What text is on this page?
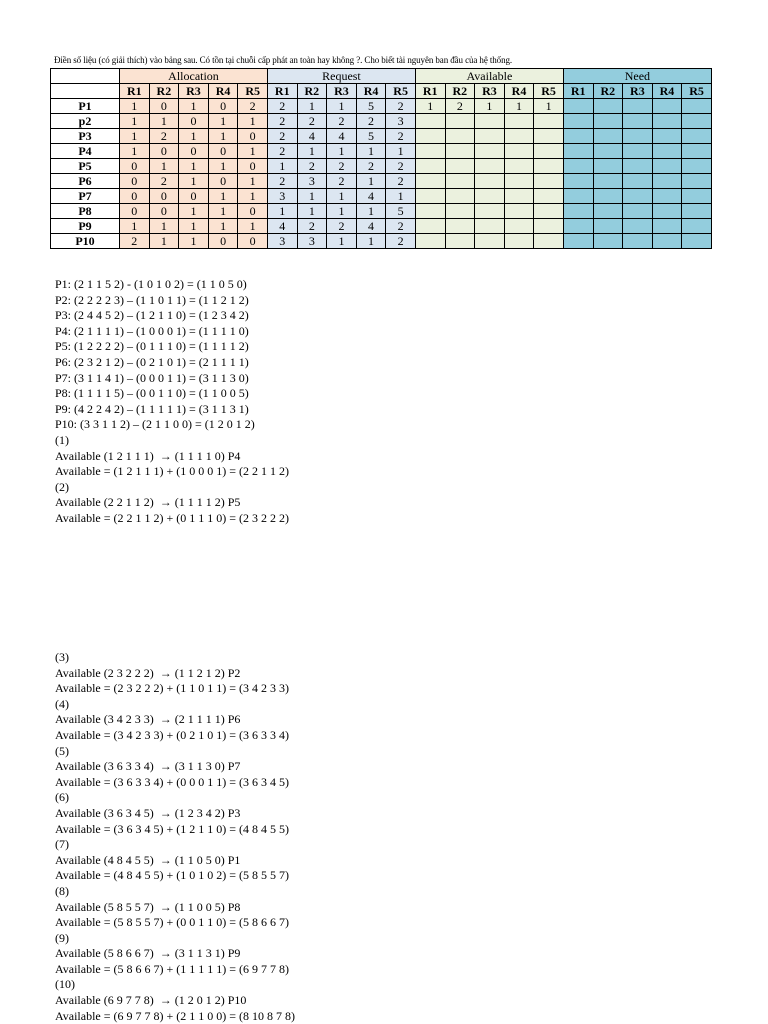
Điền số liệu (có giải thích) vào bảng sau. Có tồn tại chuỗi cấp phát an toàn hay không ?. Cho biết tài nguyên ban đầu của hệ thống.
	Allocation					Request					Available					Need				
	R1	R2	R3	R4	R5	R1	R2	R3	R4	R5	R1	R2	R3	R4	R5	R1	R2	R3	R4	R5
P1	1	0	1	0	2	2	1	1	5	2	1	2	1	1	1					
p2	1	1	0	1	1	2	2	2	2	3										
P3	1	2	1	1	0	2	4	4	5	2										
P4	1	0	0	0	1	2	1	1	1	1										
P5	0	1	1	1	0	1	2	2	2	2										
P6	0	2	1	0	1	2	3	2	1	2										
P7	0	0	0	1	1	3	1	1	4	1										
P8	0	0	1	1	0	1	1	1	1	5										
P9	1	1	1	1	1	4	2	2	4	2										
P10	2	1	1	0	0	3	3	1	1	2										
P1: (2 1 1 5 2) - (1 0 1 0 2) = (1 1 0 5 0)
P2: (2 2 2 2 3) – (1 1 0 1 1) = (1 1 2 1 2)
P3: (2 4 4 5 2) – (1 2 1 1 0) = (1 2 3 4 2)
P4: (2 1 1 1 1) – (1 0 0 0 1) = (1 1 1 1 0)
P5: (1 2 2 2 2) – (0 1 1 1 0) = (1 1 1 1 2)
P6: (2 3 2 1 2) – (0 2 1 0 1) = (2 1 1 1 1)
P7: (3 1 1 4 1) – (0 0 0 1 1) = (3 1 1 3 0)
P8: (1 1 1 1 5) – (0 0 1 1 0) = (1 1 0 0 5)
P9: (4 2 2 4 2) – (1 1 1 1 1) = (3 1 1 3 1)
P10: (3 3 1 1 2) – (2 1 1 0 0) = (1 2 0 1 2)
(1)
Available (1 2 1 1 1)  → (1 1 1 1 0) P4
Available = (1 2 1 1 1) + (1 0 0 0 1) = (2 2 1 1 2)
(2)
Available (2 2 1 1 2)  → (1 1 1 1 2) P5
Available = (2 2 1 1 2) + (0 1 1 1 0) = (2 3 2 2 2)
(3)
Available (2 3 2 2 2)  → (1 1 2 1 2) P2
Available = (2 3 2 2 2) + (1 1 0 1 1) = (3 4 2 3 3)
(4)
Available (3 4 2 3 3)  → (2 1 1 1 1) P6
Available = (3 4 2 3 3) + (0 2 1 0 1) = (3 6 3 3 4)
(5)
Available (3 6 3 3 4)  → (3 1 1 3 0) P7
Available = (3 6 3 3 4) + (0 0 0 1 1) = (3 6 3 4 5)
(6)
Available (3 6 3 4 5)  → (1 2 3 4 2) P3
Available = (3 6 3 4 5) + (1 2 1 1 0) = (4 8 4 5 5)
(7)
Available (4 8 4 5 5)  → (1 1 0 5 0) P1
Available = (4 8 4 5 5) + (1 0 1 0 2) = (5 8 5 5 7)
(8)
Available (5 8 5 5 7)  → (1 1 0 0 5) P8
Available = (5 8 5 5 7) + (0 0 1 1 0) = (5 8 6 6 7)
(9)
Available (5 8 6 6 7)  → (3 1 1 3 1) P9
Available = (5 8 6 6 7) + (1 1 1 1 1) = (6 9 7 7 8)
(10)
Available (6 9 7 7 8)  → (1 2 0 1 2) P10
Available = (6 9 7 7 8) + (2 1 1 0 0) = (8 10 8 7 8)
